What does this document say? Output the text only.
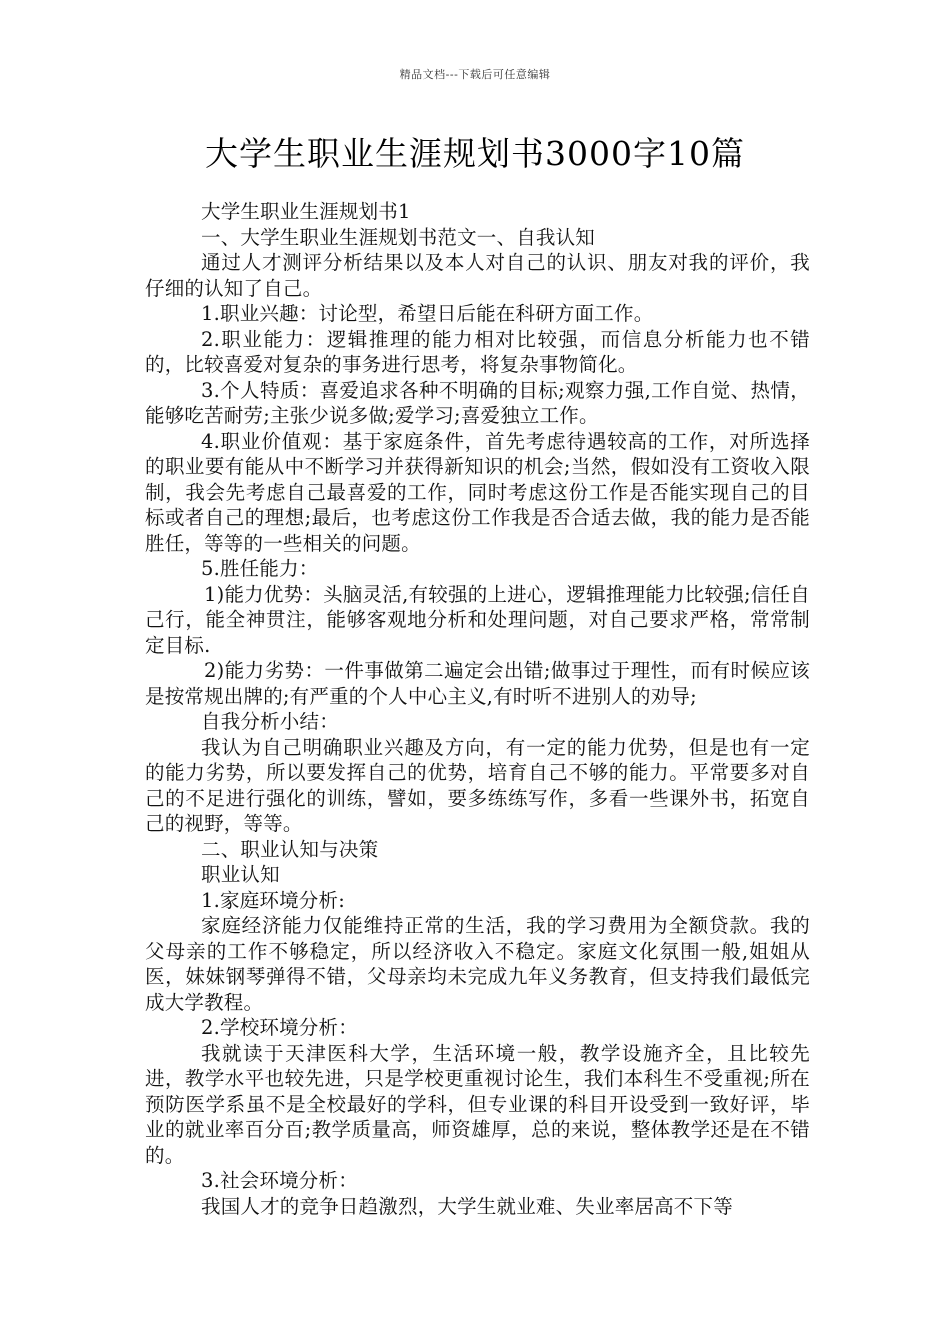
精品文档---下载后可任意编辑
大学生职业生涯规划书3000字10篇

大学生职业生涯规划书1

一、大学生职业生涯规划书范文一、自我认知

通过人才测评分析结果以及本人对自己的认识、朋友对我的评价，我仔细的认知了自己。

1.职业兴趣：讨论型，希望日后能在科研方面工作。

2.职业能力：逻辑推理的能力相对比较强，而信息分析能力也不错的，比较喜爱对复杂的事务进行思考，将复杂事物简化。

3.个人特质：喜爱追求各种不明确的目标;观察力强,工作自觉、热情，能够吃苦耐劳;主张少说多做;爱学习;喜爱独立工作。

4.职业价值观：基于家庭条件，首先考虑待遇较高的工作，对所选择的职业要有能从中不断学习并获得新知识的机会;当然，假如没有工资收入限制，我会先考虑自己最喜爱的工作，同时考虑这份工作是否能实现自己的目标或者自己的理想;最后，也考虑这份工作我是否合适去做，我的能力是否能胜任，等等的一些相关的问题。

5.胜任能力：

1)能力优势：头脑灵活,有较强的上进心，逻辑推理能力比较强;信任自己行，能全神贯注，能够客观地分析和处理问题，对自己要求严格，常常制定目标.

2)能力劣势：一件事做第二遍定会出错;做事过于理性，而有时候应该是按常规出牌的;有严重的个人中心主义,有时听不进别人的劝导;

自我分析小结：

我认为自己明确职业兴趣及方向，有一定的能力优势，但是也有一定的能力劣势，所以要发挥自己的优势，培育自己不够的能力。平常要多对自己的不足进行强化的训练，譬如，要多练练写作，多看一些课外书，拓宽自己的视野，等等。

二、职业认知与决策

职业认知

1.家庭环境分析:

家庭经济能力仅能维持正常的生活，我的学习费用为全额贷款。我的父母亲的工作不够稳定，所以经济收入不稳定。家庭文化氛围一般,姐姐从医，妹妹钢琴弹得不错，父母亲均未完成九年义务教育，但支持我们最低完成大学教程。

2.学校环境分析：

我就读于天津医科大学，生活环境一般，教学设施齐全，且比较先进，教学水平也较先进，只是学校更重视讨论生，我们本科生不受重视;所在预防医学系虽不是全校最好的学科，但专业课的科目开设受到一致好评，毕业的就业率百分百;教学质量高，师资雄厚，总的来说，整体教学还是在不错的。

3.社会环境分析：

我国人才的竞争日趋激烈，大学生就业难、失业率居高不下等
